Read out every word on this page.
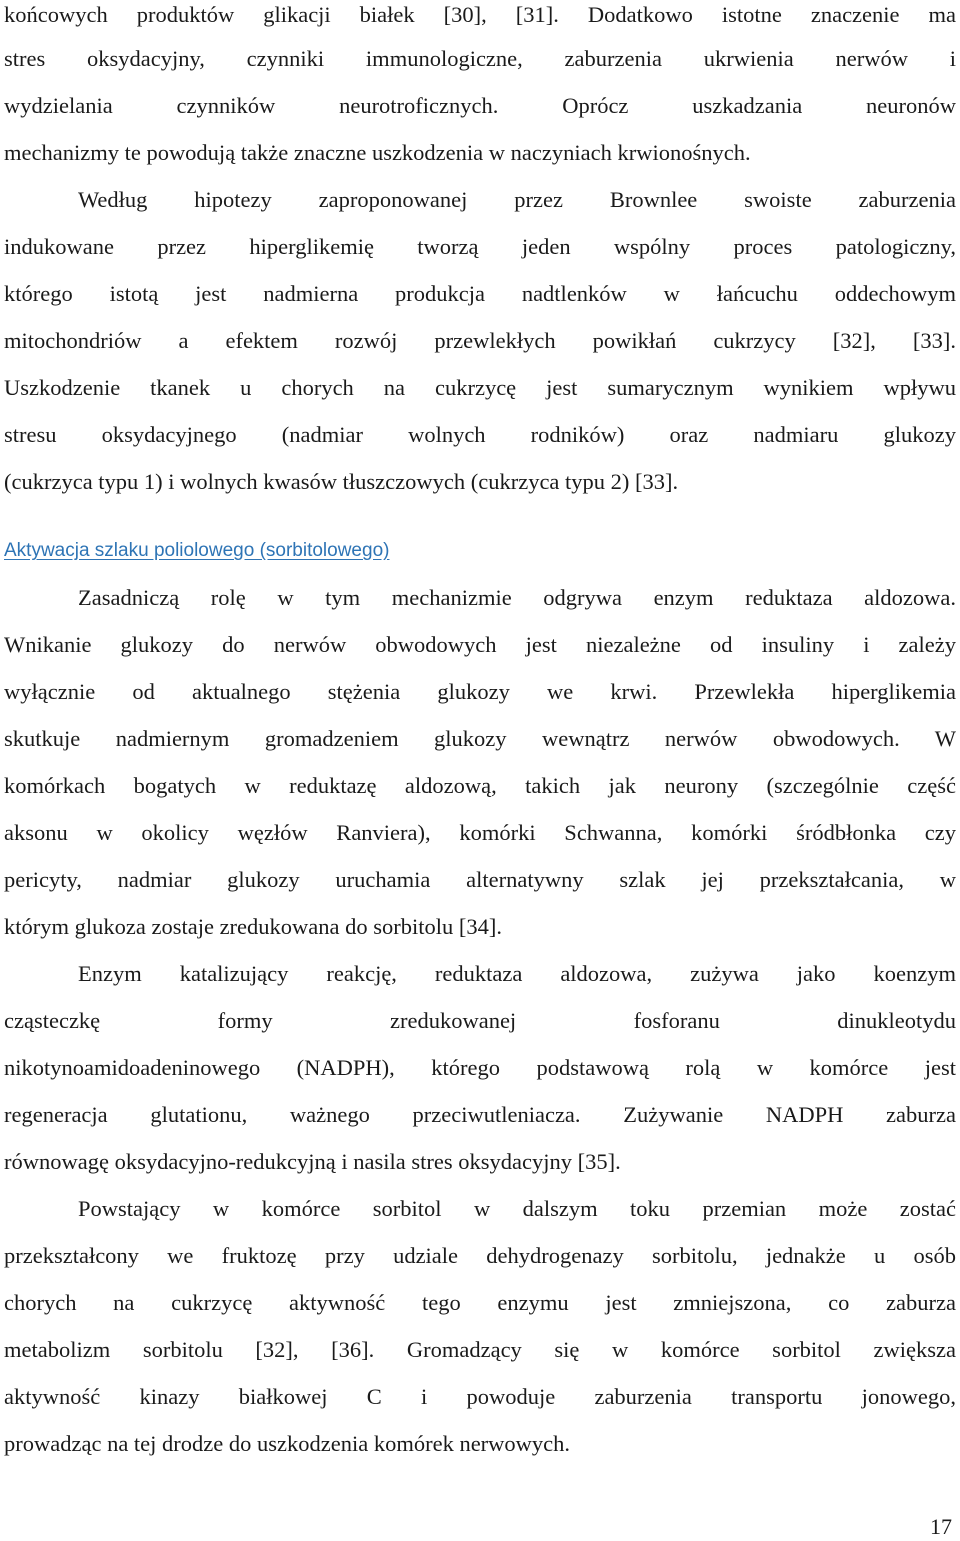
końcowych produktów glikacji białek [30], [31]. Dodatkowo istotne znaczenie ma
stres oksydacyjny, czynniki immunologiczne, zaburzenia ukrwienia nerwów i
wydzielania czynników neurotroficznych. Oprócz uszkadzania neuronów
mechanizmy te powodują także znaczne uszkodzenia w naczyniach krwionośnych.
Według hipotezy zaproponowanej przez Brownlee swoiste zaburzenia
indukowane przez hiperglikemię tworzą jeden wspólny proces patologiczny,
którego istotą jest nadmierna produkcja nadtlenków w łańcuchu oddechowym
mitochondriów a efektem rozwój przewlekłych powikłań cukrzycy [32], [33].
Uszkodzenie tkanek u chorych na cukrzycę jest sumarycznym wynikiem wpływu
stresu oksydacyjnego (nadmiar wolnych rodników) oraz nadmiaru glukozy
(cukrzyca typu 1) i wolnych kwasów tłuszczowych (cukrzyca typu 2) [33].
Aktywacja szlaku poliolowego (sorbitolowego)
Zasadniczą rolę w tym mechanizmie odgrywa enzym reduktaza aldozowa.
Wnikanie glukozy do nerwów obwodowych jest niezależne od insuliny i zależy
wyłącznie od aktualnego stężenia glukozy we krwi. Przewlekła hiperglikemia
skutkuje nadmiernym gromadzeniem glukozy wewnątrz nerwów obwodowych. W
komórkach bogatych w reduktazę aldozową, takich jak neurony (szczególnie część
aksonu w okolicy węzłów Ranviera), komórki Schwanna, komórki śródbłonka czy
pericyty, nadmiar glukozy uruchamia alternatywny szlak jej przekształcania, w
którym glukoza zostaje zredukowana do sorbitolu [34].
Enzym katalizujący reakcję, reduktaza aldozowa, zużywa jako koenzym
cząsteczkę formy zredukowanej fosforanu dinukleotydu
nikotynoamidoadeninowego (NADPH), którego podstawową rolą w komórce jest
regeneracja glutationu, ważnego przeciwutleniacza. Zużywanie NADPH zaburza
równowagę oksydacyjno-redukcyjną i nasila stres oksydacyjny [35].
Powstający w komórce sorbitol w dalszym toku przemian może zostać
przekształcony we fruktozę przy udziale dehydrogenazy sorbitolu, jednakże u osób
chorych na cukrzycę aktywność tego enzymu jest zmniejszona, co zaburza
metabolizm sorbitolu [32], [36]. Gromadzący się w komórce sorbitol zwiększa
aktywność kinazy białkowej C i powoduje zaburzenia transportu jonowego,
prowadząc na tej drodze do uszkodzenia komórek nerwowych.
17
